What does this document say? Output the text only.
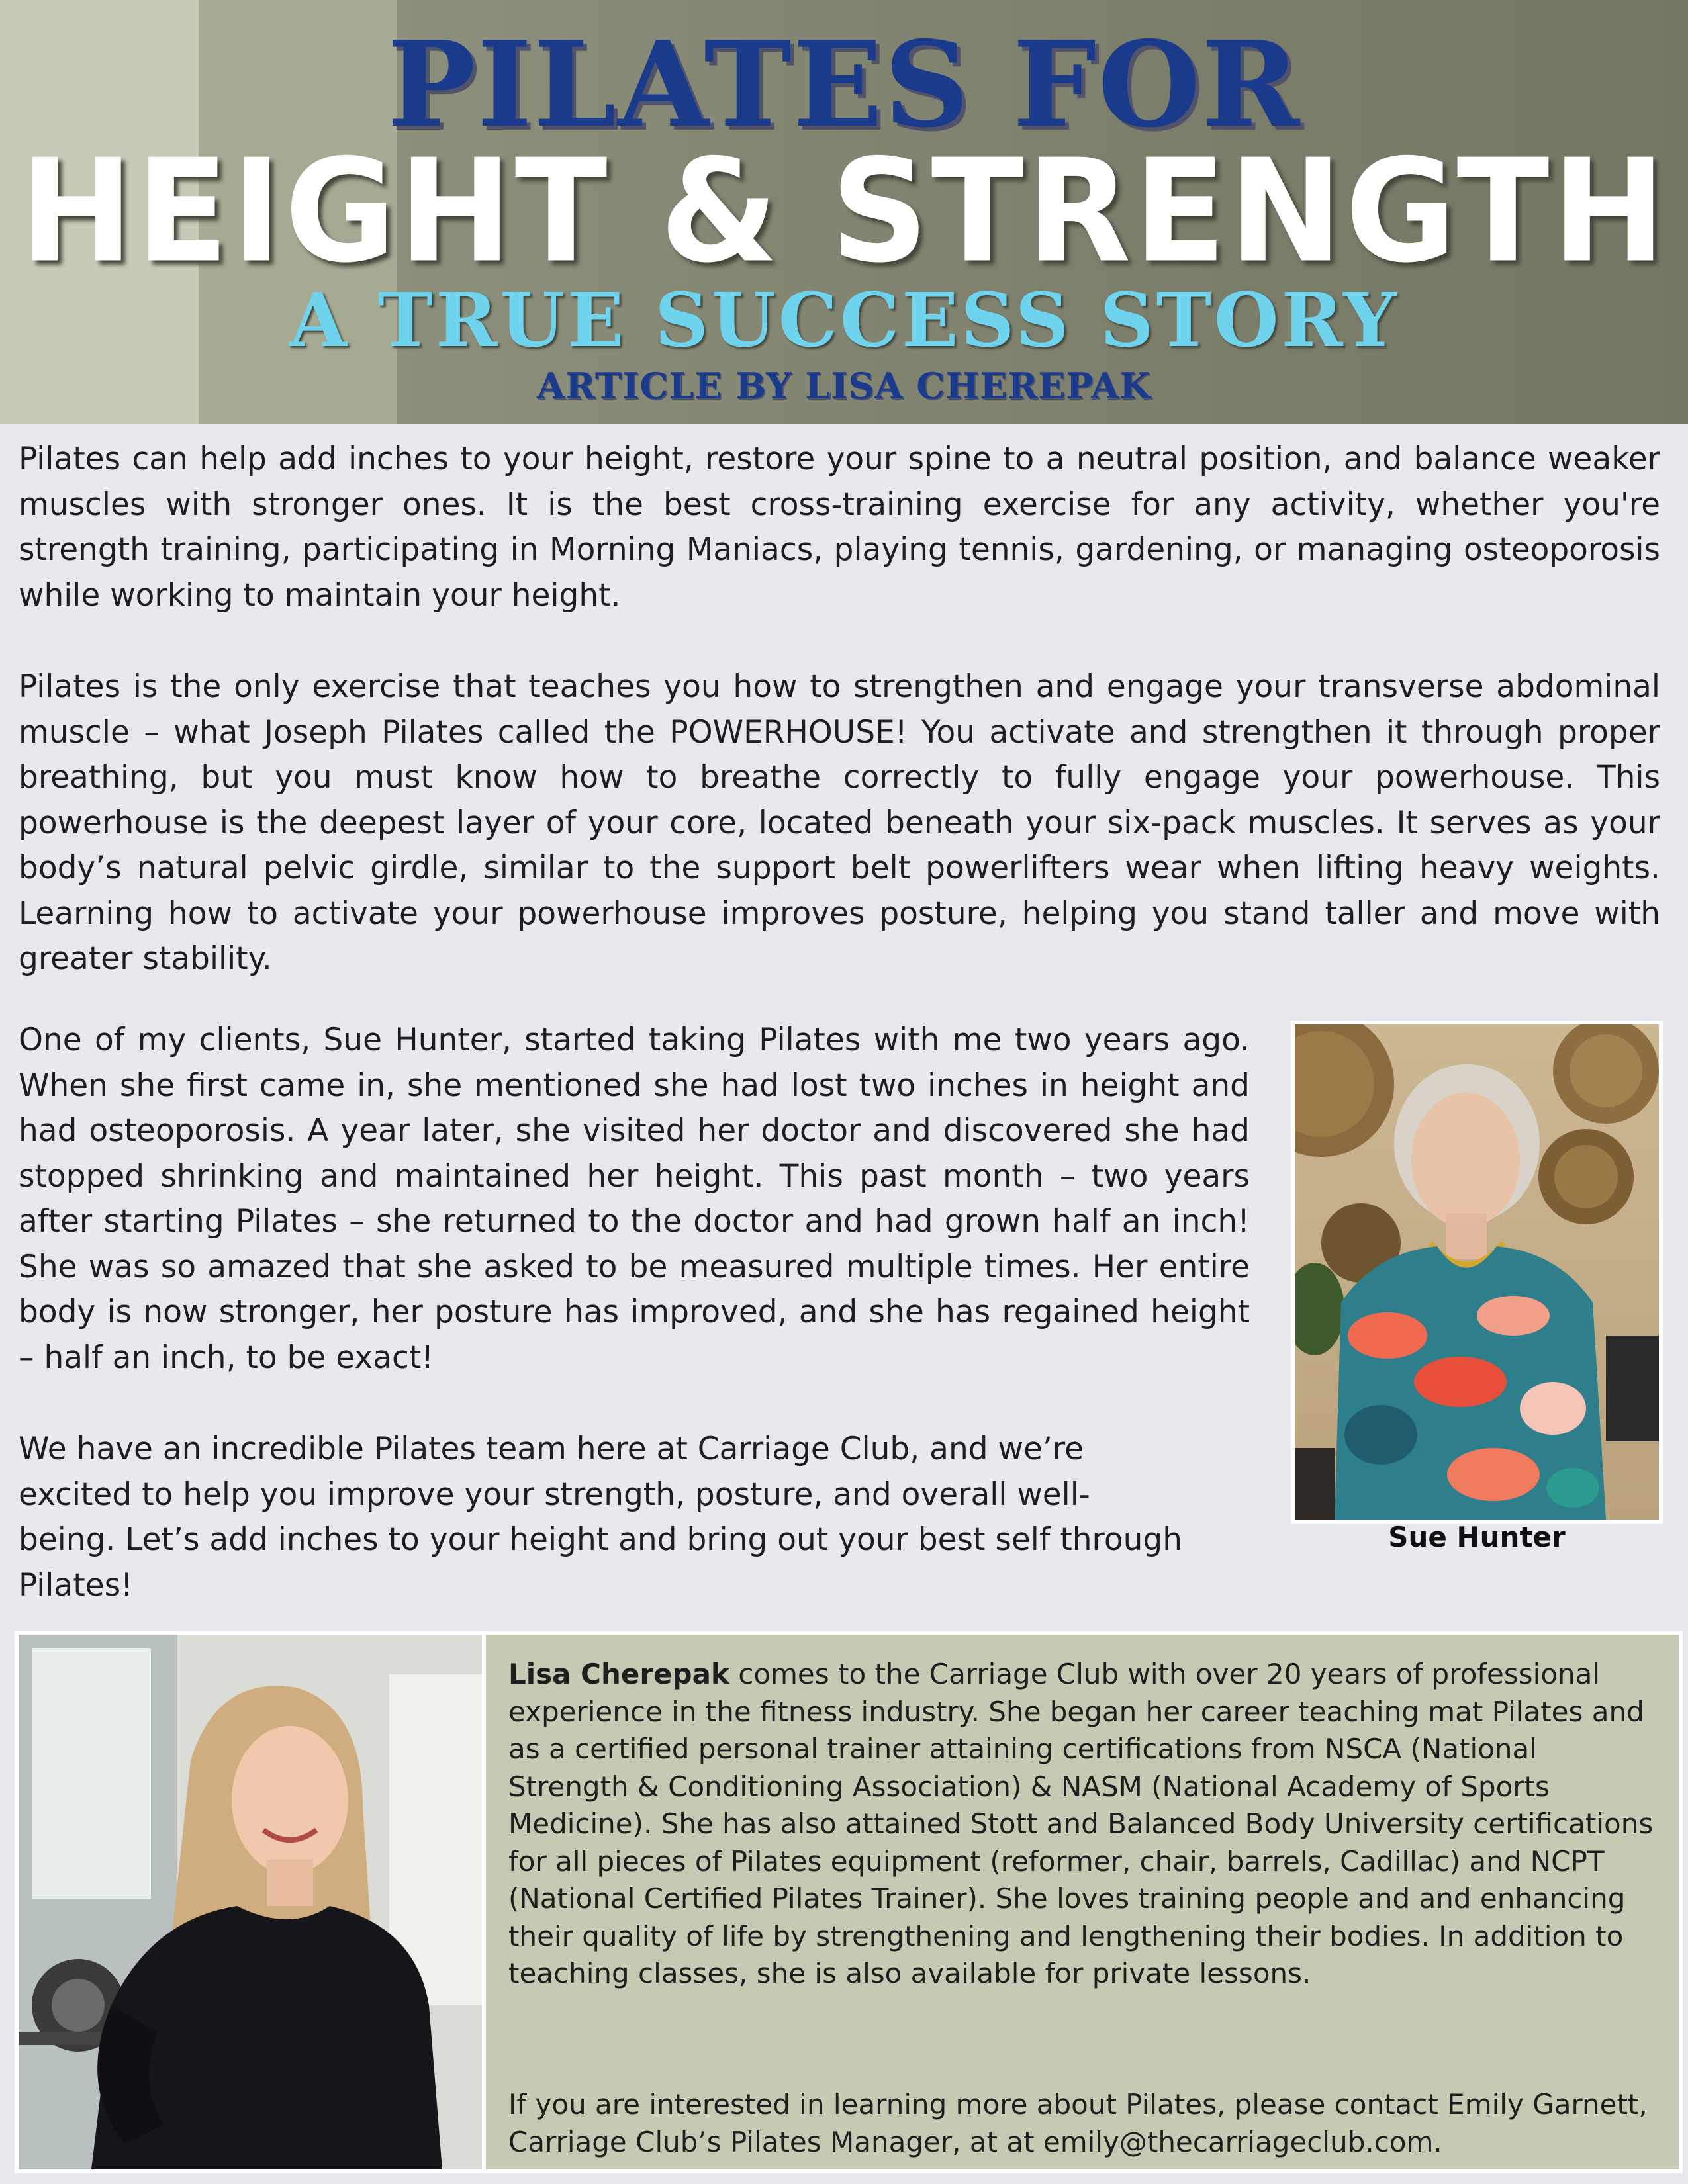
PILATES FOR
HEIGHT & STRENGTH
A TRUE SUCCESS STORY
ARTICLE BY LISA CHEREPAK

Pilates can help add inches to your height, restore your spine to a neutral position, and balance weaker muscles with stronger ones. It is the best cross-training exercise for any activity, whether you're strength training, participating in Morning Maniacs, playing tennis, gardening, or managing osteoporosis while working to maintain your height.

Pilates is the only exercise that teaches you how to strengthen and engage your transverse abdominal muscle – what Joseph Pilates called the POWERHOUSE! You activate and strengthen it through proper breathing, but you must know how to breathe correctly to fully engage your powerhouse. This powerhouse is the deepest layer of your core, located beneath your six-pack muscles. It serves as your body’s natural pelvic girdle, similar to the support belt powerlifters wear when lifting heavy weights. Learning how to activate your powerhouse improves posture, helping you stand taller and move with greater stability.

One of my clients, Sue Hunter, started taking Pilates with me two years ago. When she first came in, she mentioned she had lost two inches in height and had osteoporosis. A year later, she visited her doctor and discovered she had stopped shrinking and maintained her height. This past month – two years after starting Pilates – she returned to the doctor and had grown half an inch! She was so amazed that she asked to be measured multiple times. Her entire body is now stronger, her posture has improved, and she has regained height – half an inch, to be exact!

We have an incredible Pilates team here at Carriage Club, and we’re excited to help you improve your strength, posture, and overall well-being. Let’s add inches to your height and bring out your best self through Pilates!

Sue Hunter

Lisa Cherepak comes to the Carriage Club with over 20 years of professional experience in the fitness industry. She began her career teaching mat Pilates and as a certified personal trainer attaining certifications from NSCA (National Strength & Conditioning Association) & NASM (National Academy of Sports Medicine). She has also attained Stott and Balanced Body University certifications for all pieces of Pilates equipment (reformer, chair, barrels, Cadillac) and NCPT (National Certified Pilates Trainer). She loves training people and and enhancing their quality of life by strengthening and lengthening their bodies. In addition to teaching classes, she is also available for private lessons.

If you are interested in learning more about Pilates, please contact Emily Garnett, Carriage Club’s Pilates Manager, at at emily@thecarriageclub.com.
